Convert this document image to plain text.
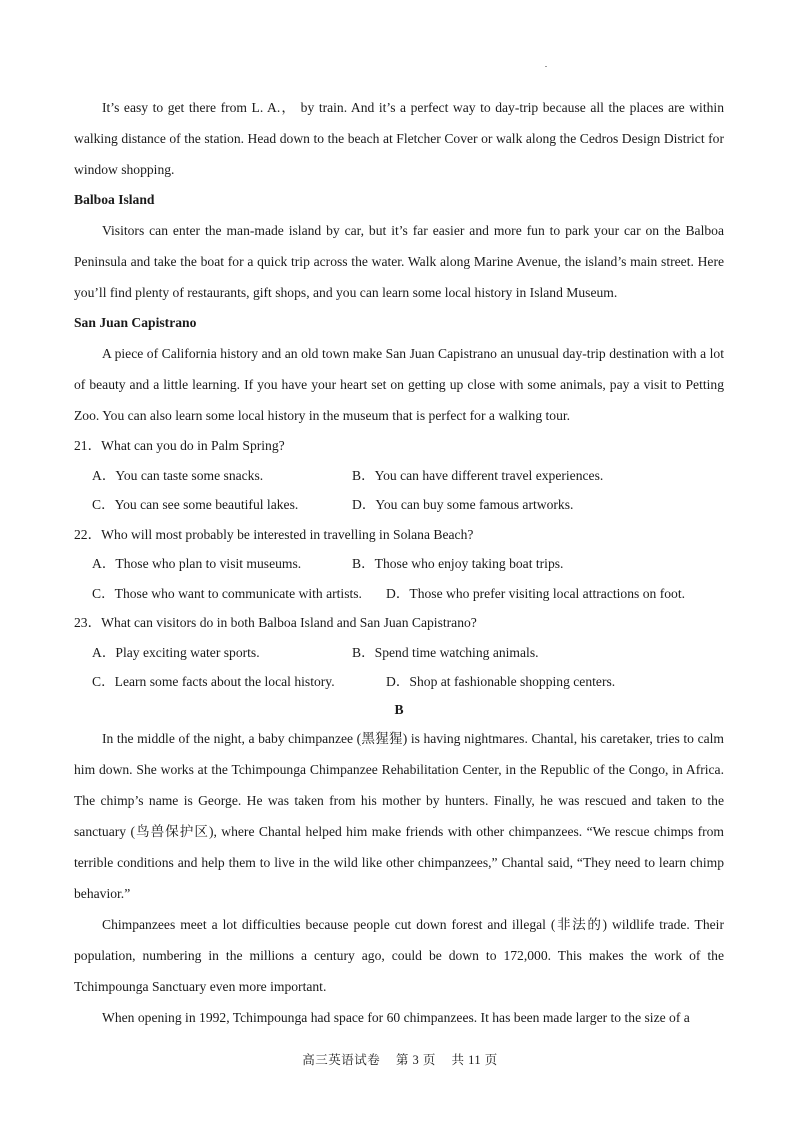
It’s easy to get there from L. A.， by train. And it’s a perfect way to day-trip because all the places are within walking distance of the station. Head down to the beach at Fletcher Cover or walk along the Cedros Design District for window shopping.

Balboa Island

Visitors can enter the man-made island by car, but it’s far easier and more fun to park your car on the Balboa Peninsula and take the boat for a quick trip across the water. Walk along Marine Avenue, the island’s main street. Here you’ll find plenty of restaurants, gift shops, and you can learn some local history in Island Museum.

San Juan Capistrano

A piece of California history and an old town make San Juan Capistrano an unusual day-trip destination with a lot of beauty and a little learning. If you have your heart set on getting up close with some animals, pay a visit to Petting Zoo. You can also learn some local history in the museum that is perfect for a walking tour.

21．What can you do in Palm Spring?

A．You can taste some snacks.	B．You can have different travel experiences.
C．You can see some beautiful lakes.	D．You can buy some famous artworks.

22．Who will most probably be interested in travelling in Solana Beach?

A．Those who plan to visit museums.	B．Those who enjoy taking boat trips.
C．Those who want to communicate with artists.	D．Those who prefer visiting local attractions on foot.

23．What can visitors do in both Balboa Island and San Juan Capistrano?

A．Play exciting water sports.	B．Spend time watching animals.
C．Learn some facts about the local history.	D．Shop at fashionable shopping centers.

B

In the middle of the night, a baby chimpanzee (黑猩猩) is having nightmares. Chantal, his caretaker, tries to calm him down. She works at the Tchimpounga Chimpanzee Rehabilitation Center, in the Republic of the Congo, in Africa. The chimp’s name is George. He was taken from his mother by hunters. Finally, he was rescued and taken to the sanctuary (鸟兽保护区), where Chantal helped him make friends with other chimpanzees. “We rescue chimps from terrible conditions and help them to live in the wild like other chimpanzees,” Chantal said, “They need to learn chimp behavior.”

Chimpanzees meet a lot difficulties because people cut down forest and illegal (非法的) wildlife trade. Their population, numbering in the millions a century ago, could be down to 172,000. This makes the work of the Tchimpounga Sanctuary even more important.

When opening in 1992, Tchimpounga had space for 60 chimpanzees. It has been made larger to the size of a

高三英语试卷 第 3 页 共 11 页
